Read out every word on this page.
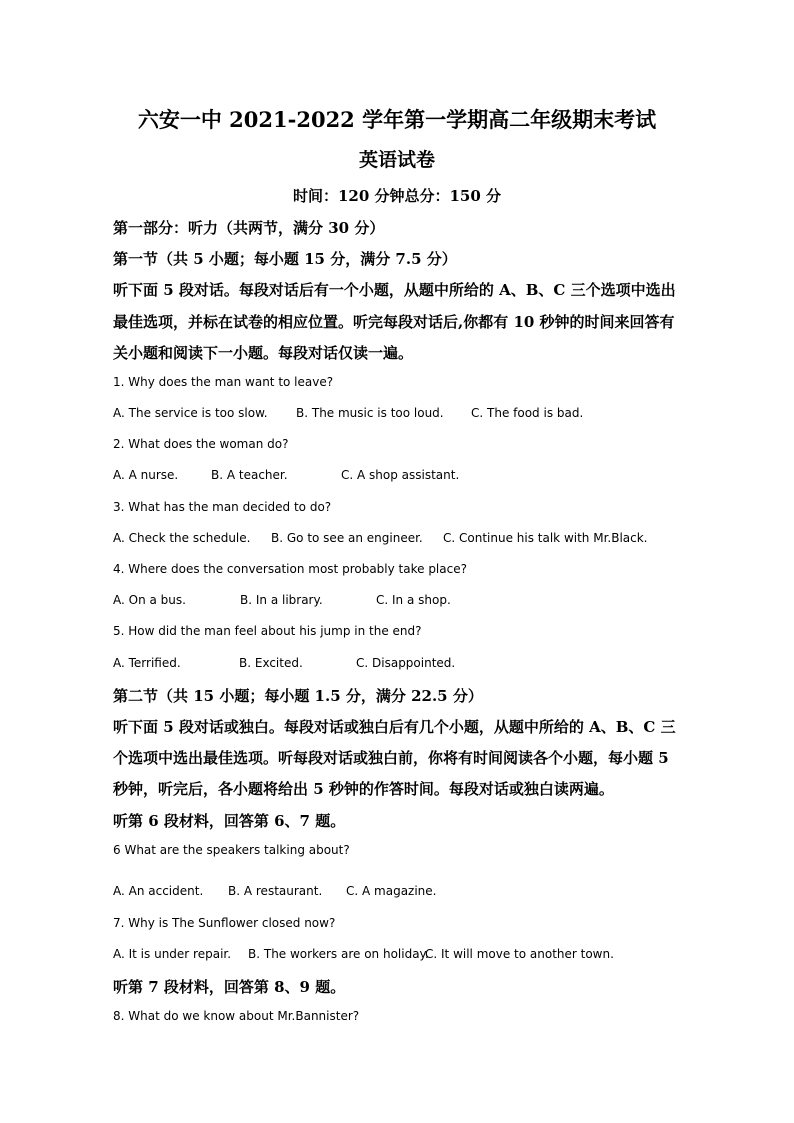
六安一中 2021-2022 学年第一学期高二年级期末考试
英语试卷
时间：120 分钟总分：150 分
第一部分：听力（共两节，满分 30 分）
第一节（共 5 小题；每小题 15 分，满分 7.5 分）
听下面 5 段对话。每段对话后有一个小题，从题中所给的 A、B、C 三个选项中选出
最佳选项，并标在试卷的相应位置。听完每段对话后,你都有 10 秒钟的时间来回答有
关小题和阅读下一小题。每段对话仅读一遍。
1. Why does the man want to leave?
A. The service is too slow. B. The music is too loud. C. The food is bad.
2. What does the woman do?
A. A nurse.	B. A teacher.	C. A shop assistant.
3. What has the man decided to do?
A. Check the schedule. B. Go to see an engineer. C. Continue his talk with Mr.Black.
4. Where does the conversation most probably take place?
A. On a bus.	B. In a library.	C. In a shop.
5. How did the man feel about his jump in the end?
A. Terrified.	B. Excited.	C. Disappointed.
第二节（共 15 小题；每小题 1.5 分，满分 22.5 分）
听下面 5 段对话或独白。每段对话或独白后有几个小题，从题中所给的 A、B、C 三
个选项中选出最佳选项。听每段对话或独白前，你将有时间阅读各个小题，每小题 5
秒钟，听完后，各小题将给出 5 秒钟的作答时间。每段对话或独白读两遍。
听第 6 段材料，回答第 6、7 题。
6 What are the speakers talking about?
A. An accident. B. A restaurant. C. A magazine.
7. Why is The Sunflower closed now?
A. It is under repair. B. The workers are on holiday.
C. It will move to another town.
听第 7 段材料，回答第 8、9 题。
8. What do we know about Mr.Bannister?
